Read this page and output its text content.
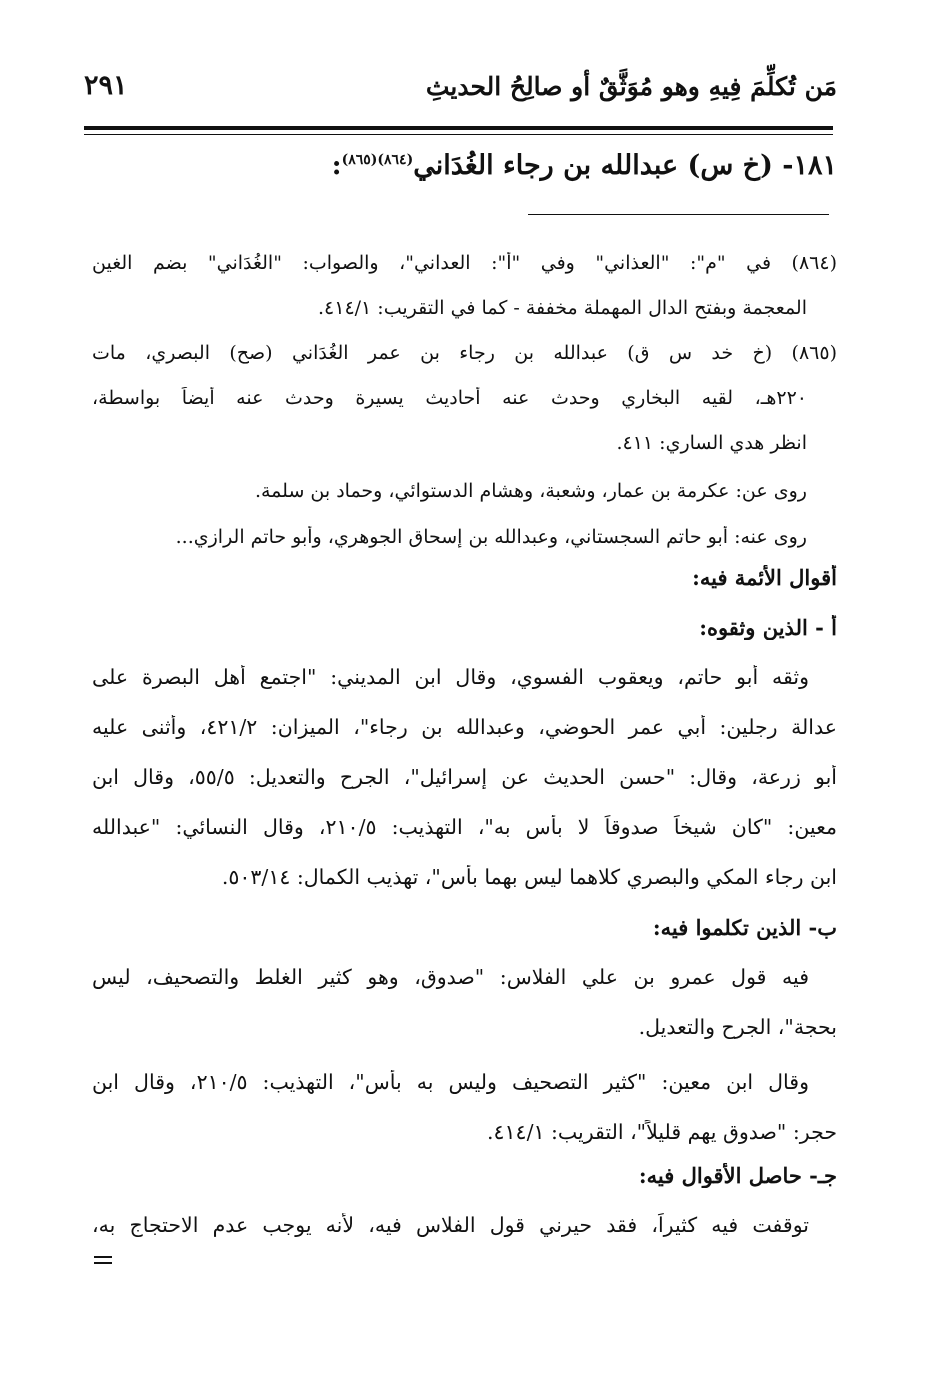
مَن تُكلِّمَ فِيهِ وهو مُوَثَّقٌ أو صالِحُ الحديثِ
٢٩١
١٨١- (خ س) عبدالله بن رجاء الغُدَاني$^{(٨٦٤)(٨٦٥)}$:
(٨٦٤) في "م": "العذاني" وفي "أ": العداني"، والصواب: "الغُدَاني" بضم الغين
المعجمة وبفتح الدال المهملة مخففة - كما في التقريب: ٤١٤/١.
(٨٦٥) (خ خد س ق) عبدالله بن رجاء بن عمر الغُدَاني (صح) البصري، مات
٢٢٠هـ، لقيه البخاري وحدث عنه أحاديث يسيرة وحدث عنه أيضاً بواسطة،
انظر هدي الساري: ٤١١.
روى عن: عكرمة بن عمار، وشعبة، وهشام الدستوائي، وحماد بن سلمة.
روى عنه: أبو حاتم السجستاني، وعبدالله بن إسحاق الجوهري، وأبو حاتم الرازي...
أقوال الأئمة فيه:
أ - الذين وثقوه:
وثقه أبو حاتم، ويعقوب الفسوي، وقال ابن المديني: "اجتمع أهل البصرة على
عدالة رجلين: أبي عمر الحوضي، وعبدالله بن رجاء"، الميزان: ٤٢١/٢، وأثنى عليه
أبو زرعة، وقال: "حسن الحديث عن إسرائيل"، الجرح والتعديل: ٥٥/٥، وقال ابن
معين: "كان شيخاً صدوقاً لا بأس به"، التهذيب: ٢١٠/٥، وقال النسائي: "عبدالله
ابن رجاء المكي والبصري كلاهما ليس بهما بأس"، تهذيب الكمال: ٥٠٣/١٤.
ب- الذين تكلموا فيه:
فيه قول عمرو بن علي الفلاس: "صدوق، وهو كثير الغلط والتصحيف، ليس
بحجة"، الجرح والتعديل.
وقال ابن معين: "كثير التصحيف وليس به بأس"، التهذيب: ٢١٠/٥، وقال ابن
حجر: "صدوق يهم قليلاً"، التقريب: ٤١٤/١.
جـ- حاصل الأقوال فيه:
توقفت فيه كثيراً، فقد حيرني قول الفلاس فيه، لأنه يوجب عدم الاحتجاج به،
